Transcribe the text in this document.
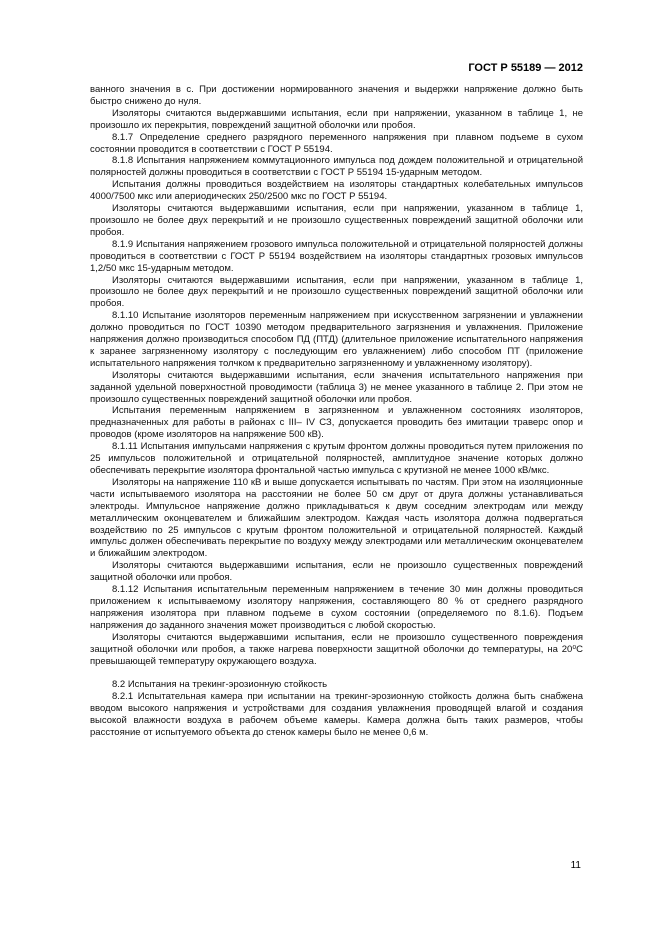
ГОСТ Р 55189 — 2012

ванного значения в с. При достижении нормированного значения и выдержки напряжение должно быть быстро снижено до нуля.

Изоляторы считаются выдержавшими испытания, если при напряжении, указанном в таблице 1, не произошло их перекрытия, повреждений защитной оболочки или пробоя.

8.1.7 Определение среднего разрядного переменного напряжения при плавном подъеме в сухом состоянии проводится в соответствии с ГОСТ Р 55194.

8.1.8 Испытания напряжением коммутационного импульса под дождем положительной и отрицательной полярностей должны проводиться в соответствии с ГОСТ Р 55194 15-ударным методом.

Испытания должны проводиться воздействием на изоляторы стандартных колебательных импульсов 4000/7500 мкс или апериодических 250/2500 мкс по ГОСТ Р 55194.

Изоляторы считаются выдержавшими испытания, если при напряжении, указанном в таблице 1, произошло не более двух перекрытий и не произошло существенных повреждений защитной оболочки или пробоя.

8.1.9 Испытания напряжением грозового импульса положительной и отрицательной полярностей должны проводиться в соответствии с ГОСТ Р 55194 воздействием на изоляторы стандартных грозовых импульсов 1,2/50 мкс 15-ударным методом.

Изоляторы считаются выдержавшими испытания, если при напряжении, указанном в таблице 1, произошло не более двух перекрытий и не произошло существенных повреждений защитной оболочки или пробоя.

8.1.10 Испытание изоляторов переменным напряжением при искусственном загрязнении и увлажнении должно проводиться по ГОСТ 10390 методом предварительного загрязнения и увлажнения. Приложение напряжения должно производиться способом ПД (ПТД) (длительное приложение испытательного напряжения к заранее загрязненному изолятору с последующим его увлажнением) либо способом ПТ (приложение испытательного напряжения толчком к предварительно загрязненному и увлажненному изолятору).

Изоляторы считаются выдержавшими испытания, если значения испытательного напряжения при заданной удельной поверхностной проводимости (таблица 3) не менее указанного в таблице 2. При этом не произошло существенных повреждений защитной оболочки или пробоя.

Испытания переменным напряжением в загрязненном и увлажненном состояниях изоляторов, предназначенных для работы в районах с III– IV СЗ, допускается проводить без имитации траверс опор и проводов (кроме изоляторов на напряжение 500 кВ).

8.1.11 Испытания импульсами напряжения с крутым фронтом должны проводиться путем приложения по 25 импульсов положительной и отрицательной полярностей, амплитудное значение которых должно обеспечивать перекрытие изолятора фронтальной частью импульса с крутизной не менее 1000 кВ/мкс.

Изоляторы на напряжение 110 кВ и выше допускается испытывать по частям. При этом на изоляционные части испытываемого изолятора на расстоянии не более 50 см друг от друга должны устанавливаться электроды. Импульсное напряжение должно прикладываться к двум соседним электродам или между металлическим оконцевателем и ближайшим электродом. Каждая часть изолятора должна подвергаться воздействию по 25 импульсов с крутым фронтом положительной и отрицательной полярностей. Каждый импульс должен обеспечивать перекрытие по воздуху между электродами или металлическим оконцевателем и ближайшим электродом.

Изоляторы считаются выдержавшими испытания, если не произошло существенных повреждений защитной оболочки или пробоя.

8.1.12 Испытания испытательным переменным напряжением в течение 30 мин должны проводиться приложением к испытываемому изолятору напряжения, составляющего 80 % от среднего разрядного напряжения изолятора при плавном подъеме в сухом состоянии (определяемого по 8.1.6). Подъем напряжения до заданного значения может производиться с любой скоростью.

Изоляторы считаются выдержавшими испытания, если не произошло существенного повреждения защитной оболочки или пробоя, а также нагрева поверхности защитной оболочки до температуры, на 20⁰С превышающей температуру окружающего воздуха.

8.2 Испытания на трекинг-эрозионную стойкость

8.2.1 Испытательная камера при испытании на трекинг-эрозионную стойкость должна быть снабжена вводом высокого напряжения и устройствами для создания увлажнения проводящей влагой и создания высокой влажности воздуха в рабочем объеме камеры. Камера должна быть таких размеров, чтобы расстояние от испытуемого объекта до стенок камеры было не менее 0,6 м.

11
